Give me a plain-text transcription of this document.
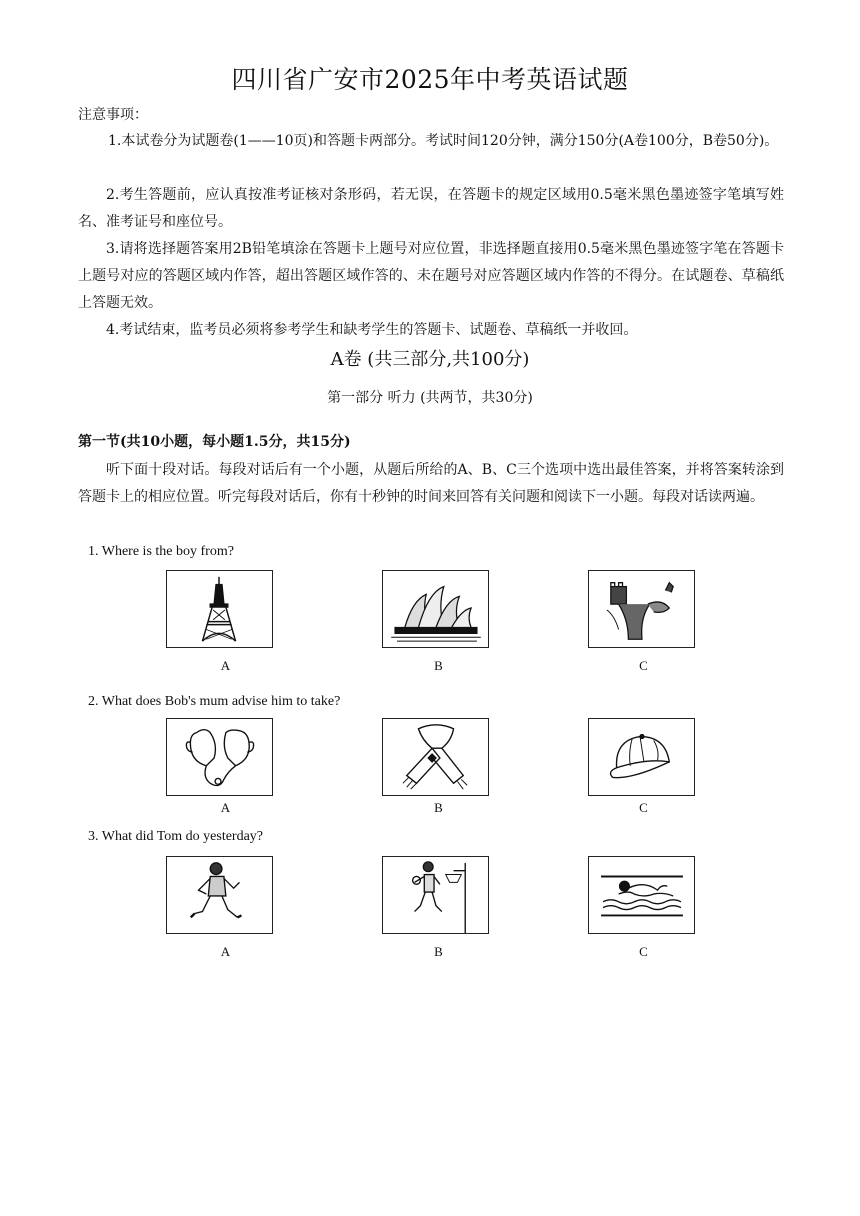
四川省广安市2025年中考英语试题
注意事项：
1.本试卷分为试题卷(1——10页)和答题卡两部分。考试时间120分钟，满分150分(A卷100分，B卷50分)。
2.考生答题前，应认真按准考证核对条形码，若无误，在答题卡的规定区域用0.5毫米黑色墨迹签字笔填写姓名、准考证号和座位号。
3.请将选择题答案用2B铅笔填涂在答题卡上题号对应位置，非选择题直接用0.5毫米黑色墨迹签字笔在答题卡上题号对应的答题区域内作答，超出答题区域作答的、未在题号对应答题区域内作答的不得分。在试题卷、草稿纸上答题无效。
4.考试结束，监考员必须将参考学生和缺考学生的答题卡、试题卷、草稿纸一并收回。
A卷 (共三部分,共100分)
第一部分 听力 (共两节，共30分)
第一节(共10小题，每小题1.5分，共15分)
听下面十段对话。每段对话后有一个小题，从题后所给的A、B、C三个选项中选出最佳答案，并将答案转涂到答题卡上的相应位置。听完每段对话后，你有十秒钟的时间来回答有关问题和阅读下一小题。每段对话读两遍。
1. Where is the boy from?
A	B	C
2. What does Bob's mum advise him to take?
A	B	C
3. What did Tom do yesterday?
A	B	C
